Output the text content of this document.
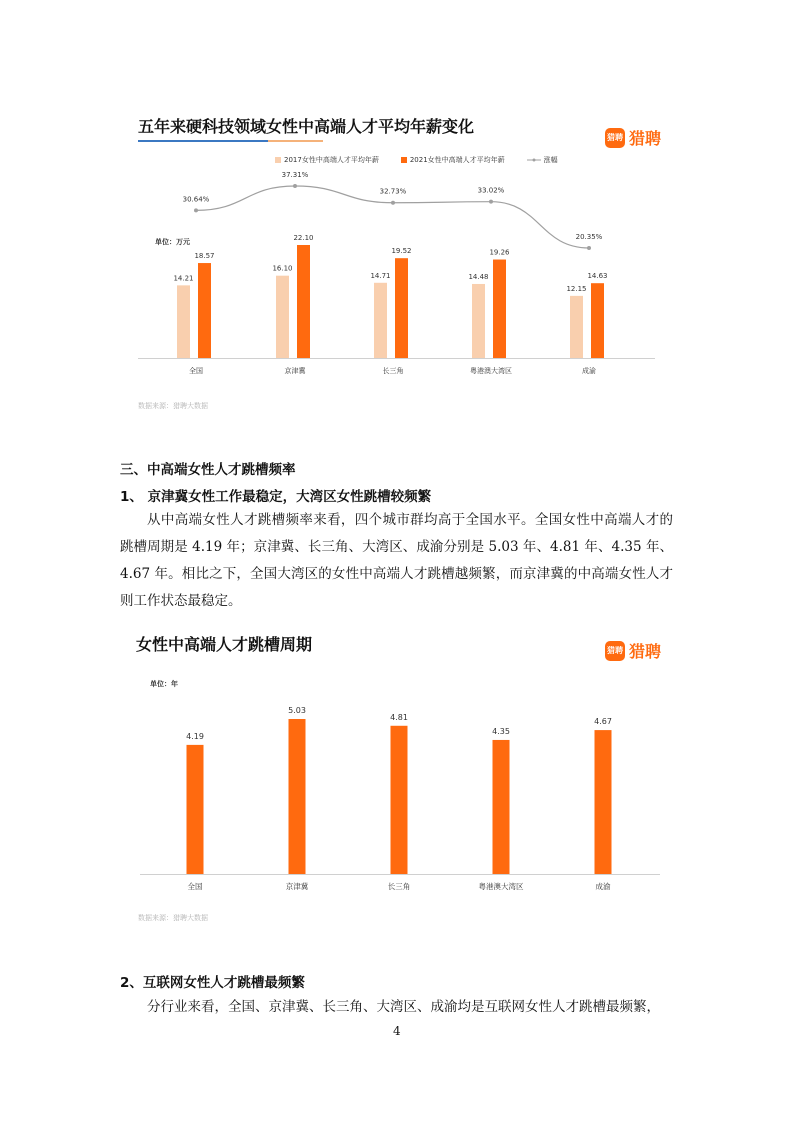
五年来硬科技领域女性中高端人才平均年薪变化
猎聘 猎聘
2017女性中高端人才平均年薪	2021女性中高端人才平均年薪	涨幅
单位：万元
14.21
18.57
全国
16.10
22.10
京津冀
14.71
19.52
长三角
14.48
19.26
粤港澳大湾区
12.15
14.63
成渝
30.64%
37.31%
32.73%	33.02%
20.35%
数据来源：猎聘大数据
三、中高端女性人才跳槽频率
1、 京津冀女性工作最稳定，大湾区女性跳槽较频繁
从中高端女性人才跳槽频率来看，四个城市群均高于全国水平。全国女性中高端人才的跳槽周期是 4.19 年；京津冀、长三角、大湾区、成渝分别是 5.03 年、4.81 年、4.35 年、4.67 年。相比之下，全国大湾区的女性中高端人才跳槽越频繁，而京津冀的中高端女性人才则工作状态最稳定。
女性中高端人才跳槽周期	猎聘 猎聘
单位：年
4.19
全国
5.03
京津冀
4.81
长三角
4.35
粤港澳大湾区
4.67
成渝
数据来源：猎聘大数据
2、互联网女性人才跳槽最频繁
分行业来看，全国、京津冀、长三角、大湾区、成渝均是互联网女性人才跳槽最频繁，
4
